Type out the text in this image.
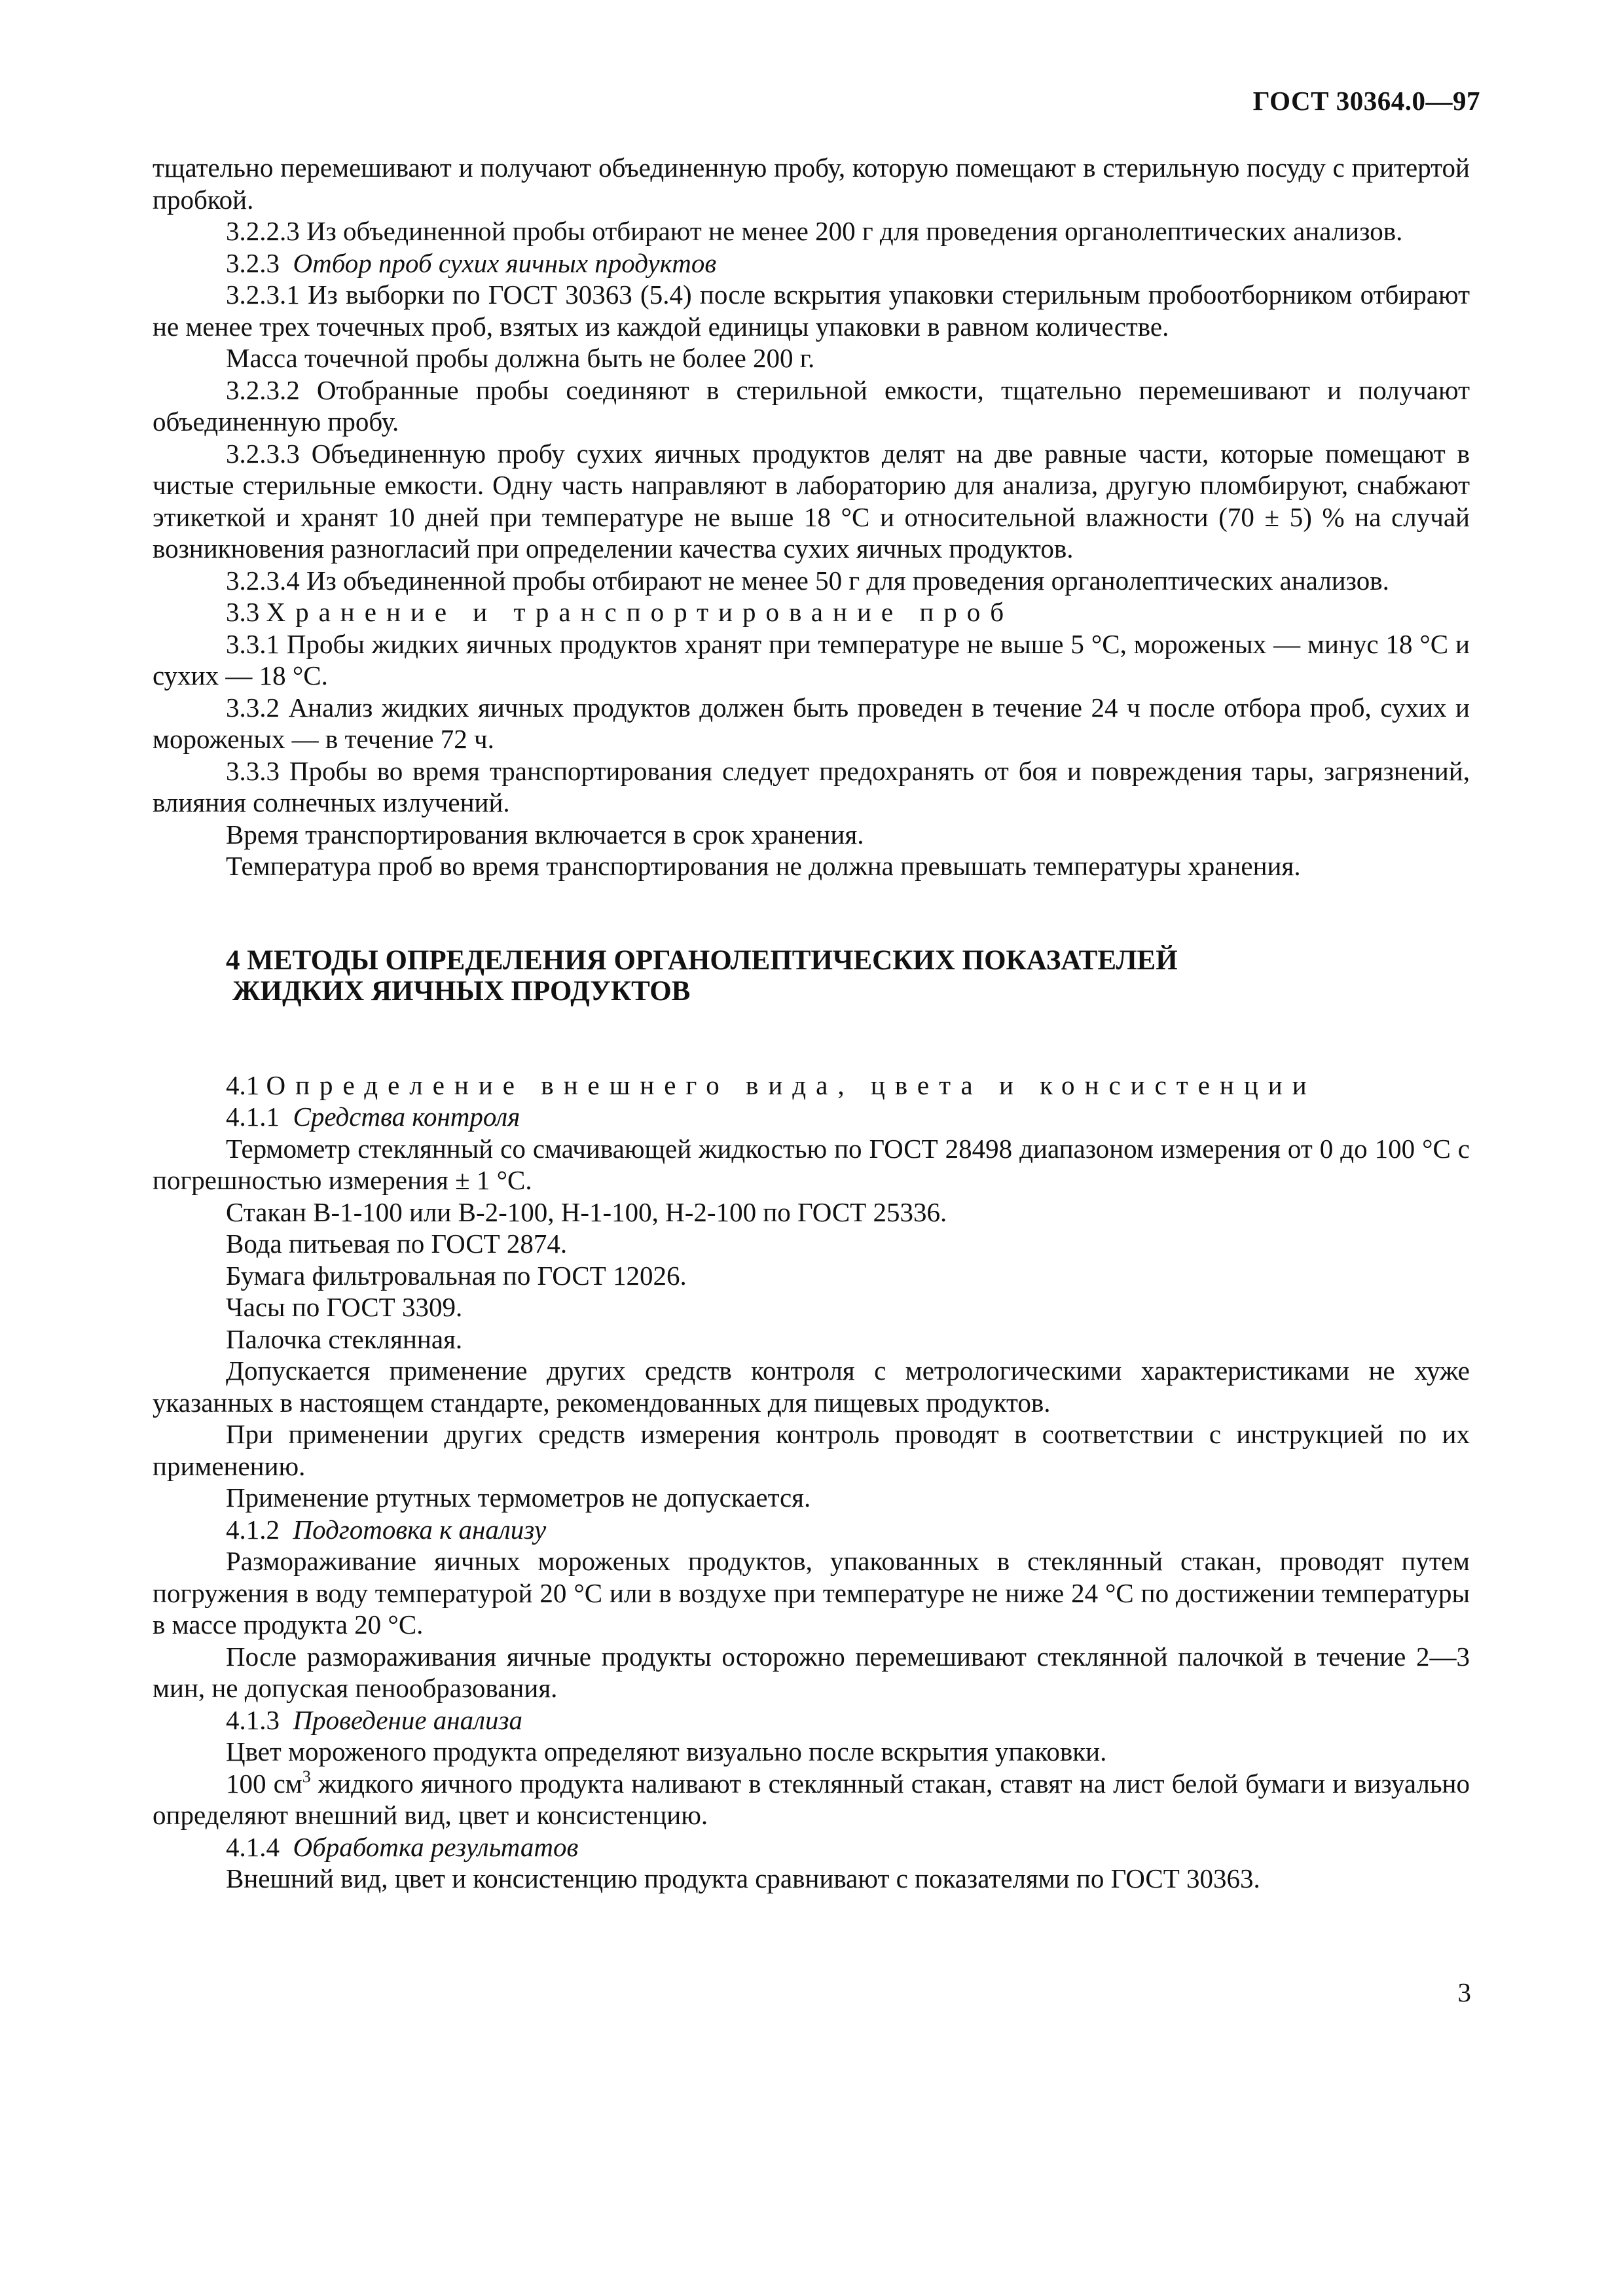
ГОСТ 30364.0—97

тщательно перемешивают и получают объединенную пробу, которую помещают в стерильную посуду с притертой пробкой.

3.2.2.3 Из объединенной пробы отбирают не менее 200 г для проведения органолептических анализов.

3.2.3 Отбор проб сухих яичных продуктов

3.2.3.1 Из выборки по ГОСТ 30363 (5.4) после вскрытия упаковки стерильным пробоотборником отбирают не менее трех точечных проб, взятых из каждой единицы упаковки в равном количестве.

Масса точечной пробы должна быть не более 200 г.

3.2.3.2 Отобранные пробы соединяют в стерильной емкости, тщательно перемешивают и получают объединенную пробу.

3.2.3.3 Объединенную пробу сухих яичных продуктов делят на две равные части, которые помещают в чистые стерильные емкости. Одну часть направляют в лабораторию для анализа, другую пломбируют, снабжают этикеткой и хранят 10 дней при температуре не выше 18 °С и относительной влажности (70 ± 5) % на случай возникновения разногласий при определении качества сухих яичных продуктов.

3.2.3.4 Из объединенной пробы отбирают не менее 50 г для проведения органолептических анализов.

3.3 Хранение и транспортирование проб

3.3.1 Пробы жидких яичных продуктов хранят при температуре не выше 5 °С, мороженых — минус 18 °С и сухих — 18 °С.

3.3.2 Анализ жидких яичных продуктов должен быть проведен в течение 24 ч после отбора проб, сухих и мороженых — в течение 72 ч.

3.3.3 Пробы во время транспортирования следует предохранять от боя и повреждения тары, загрязнений, влияния солнечных излучений.

Время транспортирования включается в срок хранения.

Температура проб во время транспортирования не должна превышать температуры хранения.

4 МЕТОДЫ ОПРЕДЕЛЕНИЯ ОРГАНОЛЕПТИЧЕСКИХ ПОКАЗАТЕЛЕЙ
ЖИДКИХ ЯИЧНЫХ ПРОДУКТОВ

4.1 Определение внешнего вида, цвета и консистенции

4.1.1 Средства контроля

Термометр стеклянный со смачивающей жидкостью по ГОСТ 28498 диапазоном измерения от 0 до 100 °С с погрешностью измерения ± 1 °С.

Стакан В-1-100 или В-2-100, Н-1-100, Н-2-100 по ГОСТ 25336.

Вода питьевая по ГОСТ 2874.

Бумага фильтровальная по ГОСТ 12026.

Часы по ГОСТ 3309.

Палочка стеклянная.

Допускается применение других средств контроля с метрологическими характеристиками не хуже указанных в настоящем стандарте, рекомендованных для пищевых продуктов.

При применении других средств измерения контроль проводят в соответствии с инструкцией по их применению.

Применение ртутных термометров не допускается.

4.1.2 Подготовка к анализу

Размораживание яичных мороженых продуктов, упакованных в стеклянный стакан, проводят путем погружения в воду температурой 20 °С или в воздухе при температуре не ниже 24 °С по достижении температуры в массе продукта 20 °С.

После размораживания яичные продукты осторожно перемешивают стеклянной палочкой в течение 2—3 мин, не допуская пенообразования.

4.1.3 Проведение анализа

Цвет мороженого продукта определяют визуально после вскрытия упаковки.

100 $см^3$ жидкого яичного продукта наливают в стеклянный стакан, ставят на лист белой бумаги и визуально определяют внешний вид, цвет и консистенцию.

4.1.4 Обработка результатов

Внешний вид, цвет и консистенцию продукта сравнивают с показателями по ГОСТ 30363.

3
